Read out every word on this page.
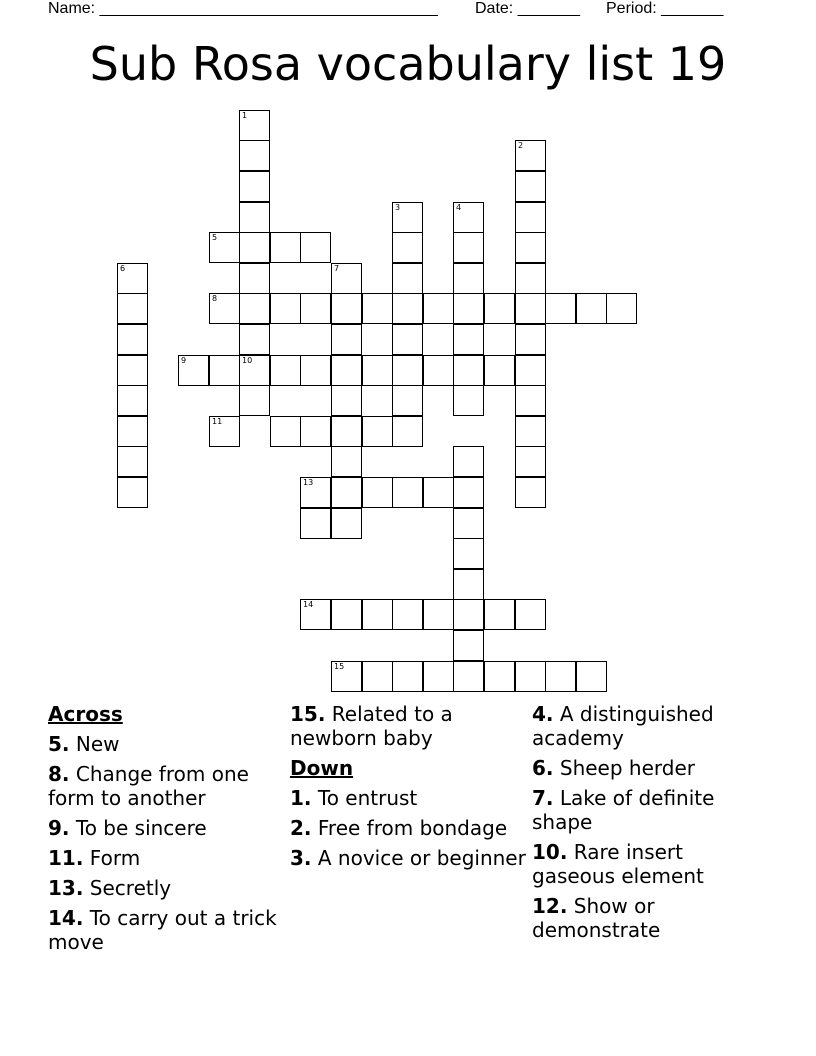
Name: ______________________________________ Date: _______ Period: _______
Sub Rosa vocabulary list 19
1
10
2
3	4
6	7
5
8
9
11
13
14
15
Across
5. New
8. Change from one form to another
9. To be sincere
11. Form
13. Secretly
14. To carry out a trick move
15. Related to a newborn baby
Down
1. To entrust
2. Free from bondage
3. A novice or beginner
4. A distinguished academy
6. Sheep herder
7. Lake of definite shape
10. Rare insert gaseous element
12. Show or demonstrate
